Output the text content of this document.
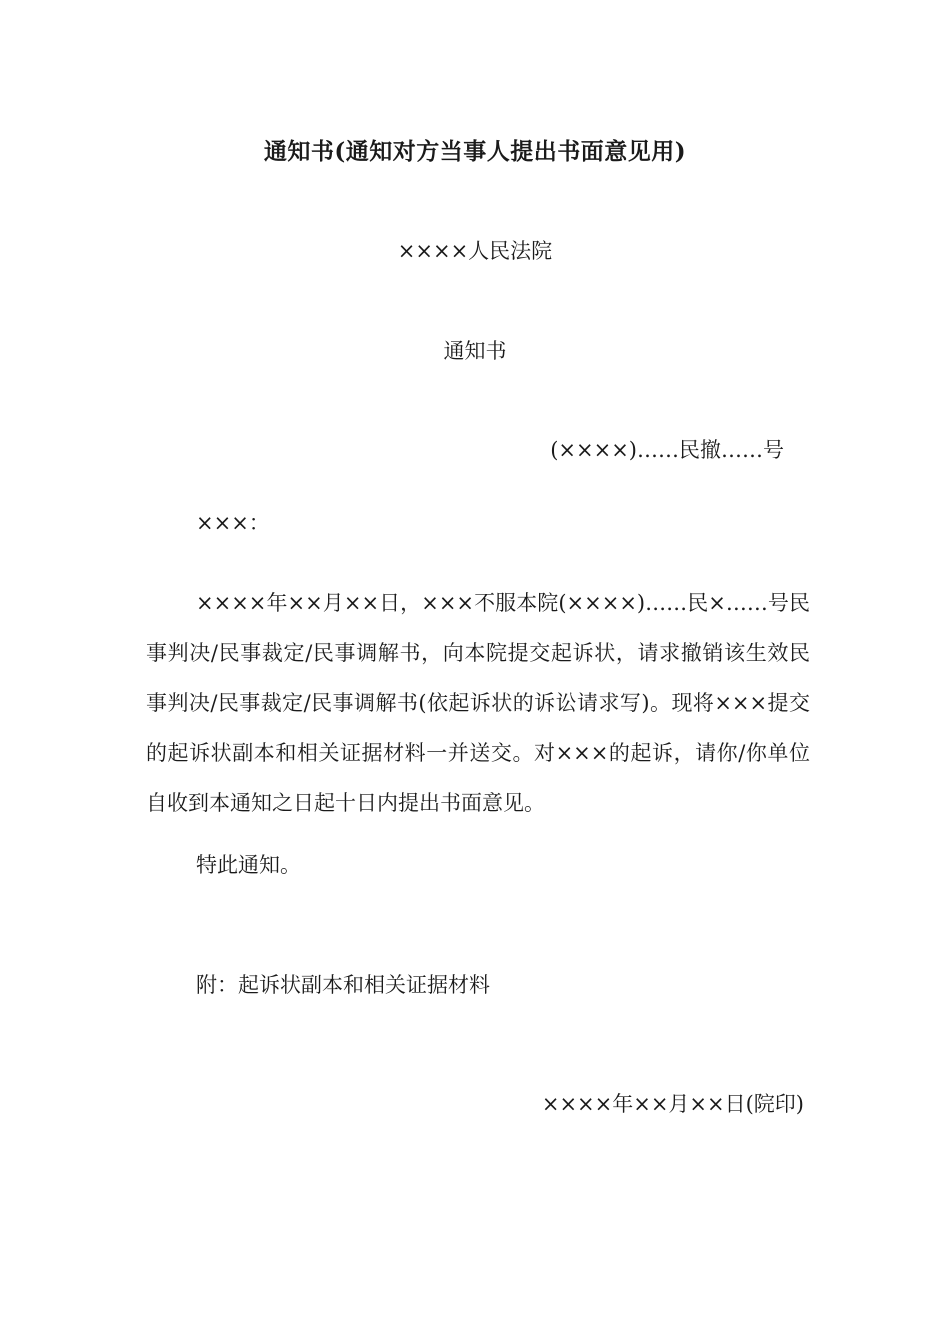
通知书(通知对方当事人提出书面意见用)
××××人民法院
通知书
(××××)……民撤……号
×××：
××××年××月××日，×××不服本院(××××)……民×……号民事判决/民事裁定/民事调解书，向本院提交起诉状，请求撤销该生效民事判决/民事裁定/民事调解书(依起诉状的诉讼请求写)。现将×××提交的起诉状副本和相关证据材料一并送交。对×××的起诉，请你/你单位自收到本通知之日起十日内提出书面意见。
特此通知。
附：起诉状副本和相关证据材料
××××年××月××日(院印)
